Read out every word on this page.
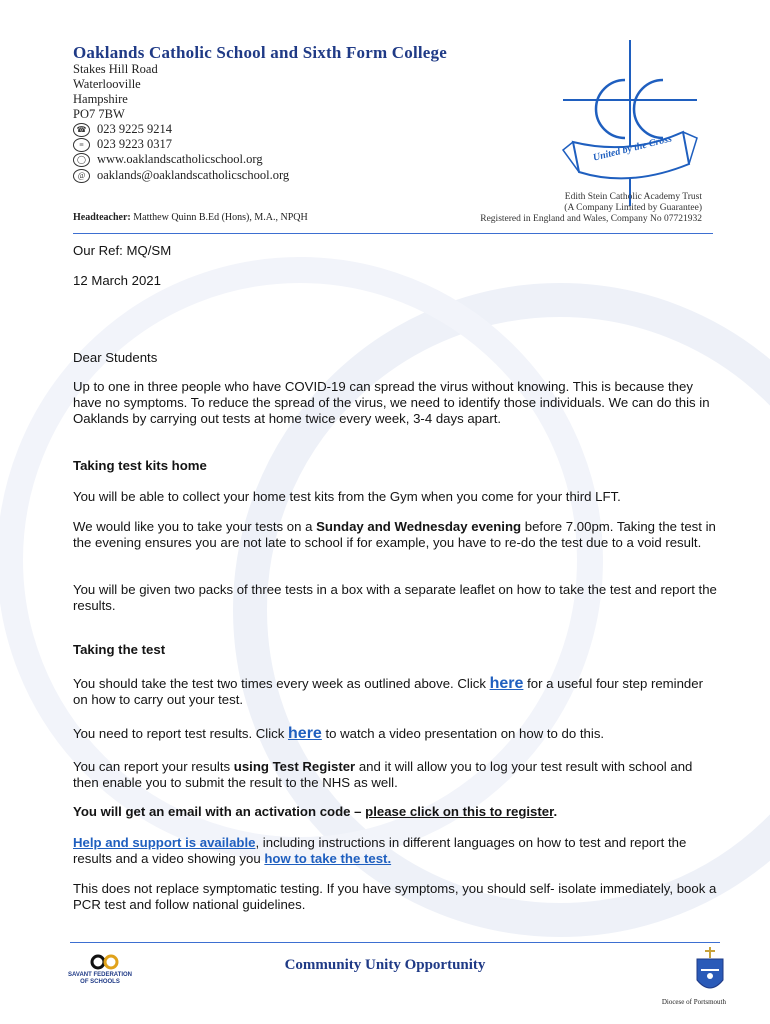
United by the Cross
Oaklands Catholic School and Sixth Form College
Stakes Hill Road
Waterlooville
Hampshire
PO7 7BW
☎ 023 9225 9214
≡	023 9223 0317
◯ www.oaklandscatholicschool.org
@ oaklands@oaklandscatholicschool.org
Headteacher: Matthew Quinn B.Ed (Hons), M.A., NPQH
Edith Stein Catholic Academy Trust
(A Company Limited by Guarantee)
Registered in England and Wales, Company No 07721932
Our Ref: MQ/SM
12 March 2021
Dear Students
Up to one in three people who have COVID-19 can spread the virus without knowing. This is because they have no symptoms. To reduce the spread of the virus, we need to identify those individuals. We can do this in Oaklands by carrying out tests at home twice every week, 3-4 days apart.
Taking test kits home
You will be able to collect your home test kits from the Gym when you come for your third LFT.
We would like you to take your tests on a Sunday and Wednesday evening before 7.00pm. Taking the test in the evening ensures you are not late to school if for example, you have to re-do the test due to a void result.
You will be given two packs of three tests in a box with a separate leaflet on how to take the test and report the results.
Taking the test
You should take the test two times every week as outlined above. Click here for a useful four step reminder on how to carry out your test.
You need to report test results. Click here to watch a video presentation on how to do this.
You can report your results using Test Register and it will allow you to log your test result with school and then enable you to submit the result to the NHS as well.
You will get an email with an activation code – please click on this to register.
Help and support is available, including instructions in different languages on how to test and report the results and a video showing you how to take the test.
This does not replace symptomatic testing. If you have symptoms, you should self- isolate immediately, book a PCR test and follow national guidelines.
Community Unity Opportunity
SAVANT FEDERATION
OF SCHOOLS
Diocese of Portsmouth
